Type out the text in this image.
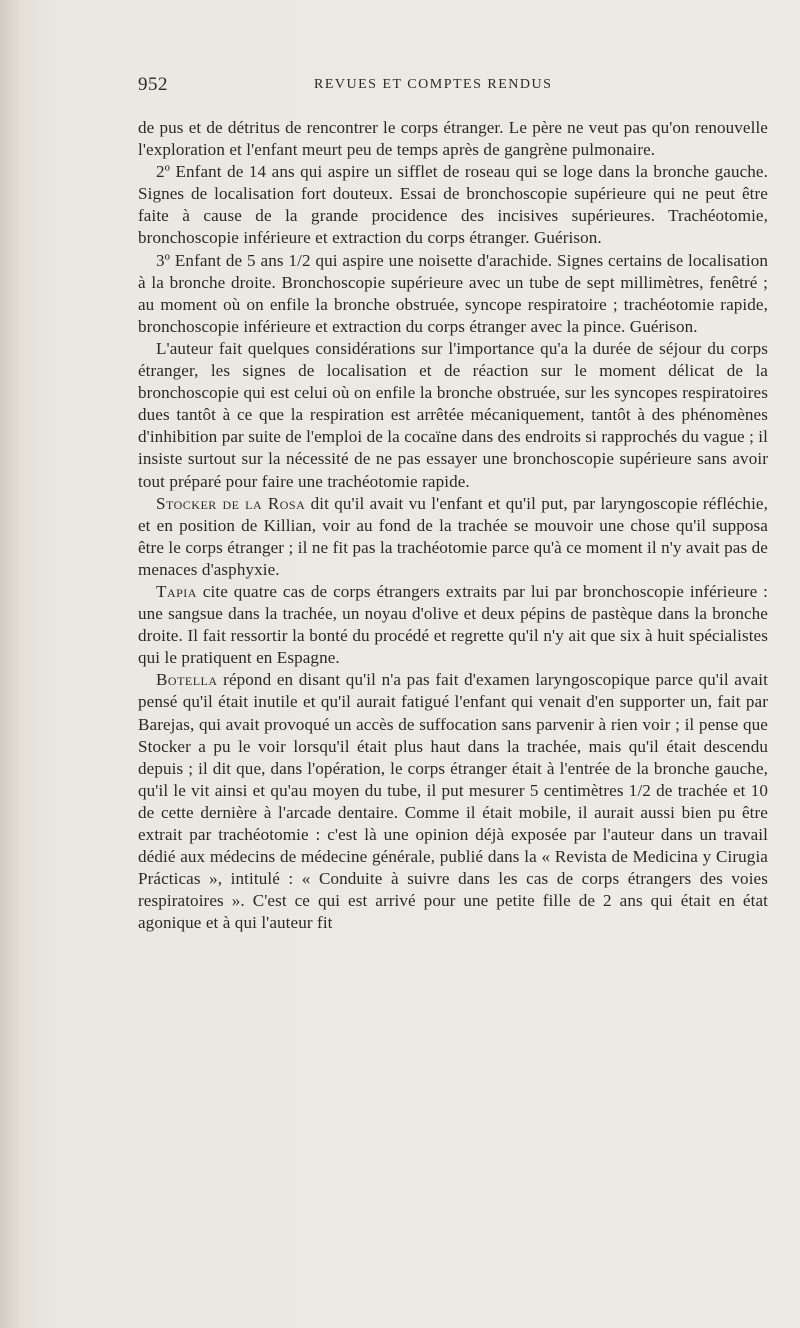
952	REVUES ET COMPTES RENDUS

de pus et de détritus de rencontrer le corps étranger. Le père ne veut pas qu'on renouvelle l'exploration et l'enfant meurt peu de temps après de gangrène pulmonaire.

2º Enfant de 14 ans qui aspire un sifflet de roseau qui se loge dans la bronche gauche. Signes de localisation fort douteux. Essai de bronchoscopie supérieure qui ne peut être faite à cause de la grande procidence des incisives supérieures. Trachéotomie, bronchoscopie inférieure et extraction du corps étranger. Guérison.

3º Enfant de 5 ans 1/2 qui aspire une noisette d'arachide. Signes certains de localisation à la bronche droite. Bronchoscopie supérieure avec un tube de sept millimètres, fenêtré ; au moment où on enfile la bronche obstruée, syncope respiratoire ; trachéotomie rapide, bronchoscopie inférieure et extraction du corps étranger avec la pince. Guérison.

L'auteur fait quelques considérations sur l'importance qu'a la durée de séjour du corps étranger, les signes de localisation et de réaction sur le moment délicat de la bronchoscopie qui est celui où on enfile la bronche obstruée, sur les syncopes respiratoires dues tantôt à ce que la respiration est arrêtée mécaniquement, tantôt à des phénomènes d'inhibition par suite de l'emploi de la cocaïne dans des endroits si rapprochés du vague ; il insiste surtout sur la nécessité de ne pas essayer une bronchoscopie supérieure sans avoir tout préparé pour faire une trachéotomie rapide.

Stocker de la Rosa dit qu'il avait vu l'enfant et qu'il put, par laryngoscopie réfléchie, et en position de Killian, voir au fond de la trachée se mouvoir une chose qu'il supposa être le corps étranger ; il ne fit pas la trachéotomie parce qu'à ce moment il n'y avait pas de menaces d'asphyxie.

Tapia cite quatre cas de corps étrangers extraits par lui par bronchoscopie inférieure : une sangsue dans la trachée, un noyau d'olive et deux pépins de pastèque dans la bronche droite. Il fait ressortir la bonté du procédé et regrette qu'il n'y ait que six à huit spécialistes qui le pratiquent en Espagne.

Botella répond en disant qu'il n'a pas fait d'examen laryngoscopique parce qu'il avait pensé qu'il était inutile et qu'il aurait fatigué l'enfant qui venait d'en supporter un, fait par Barejas, qui avait provoqué un accès de suffocation sans parvenir à rien voir ; il pense que Stocker a pu le voir lorsqu'il était plus haut dans la trachée, mais qu'il était descendu depuis ; il dit que, dans l'opération, le corps étranger était à l'entrée de la bronche gauche, qu'il le vit ainsi et qu'au moyen du tube, il put mesurer 5 centimètres 1/2 de trachée et 10 de cette dernière à l'arcade dentaire. Comme il était mobile, il aurait aussi bien pu être extrait par trachéotomie : c'est là une opinion déjà exposée par l'auteur dans un travail dédié aux médecins de médecine générale, publié dans la « Revista de Medicina y Cirugia Prácticas », intitulé : « Conduite à suivre dans les cas de corps étrangers des voies respiratoires ». C'est ce qui est arrivé pour une petite fille de 2 ans qui était en état agonique et à qui l'auteur fit
